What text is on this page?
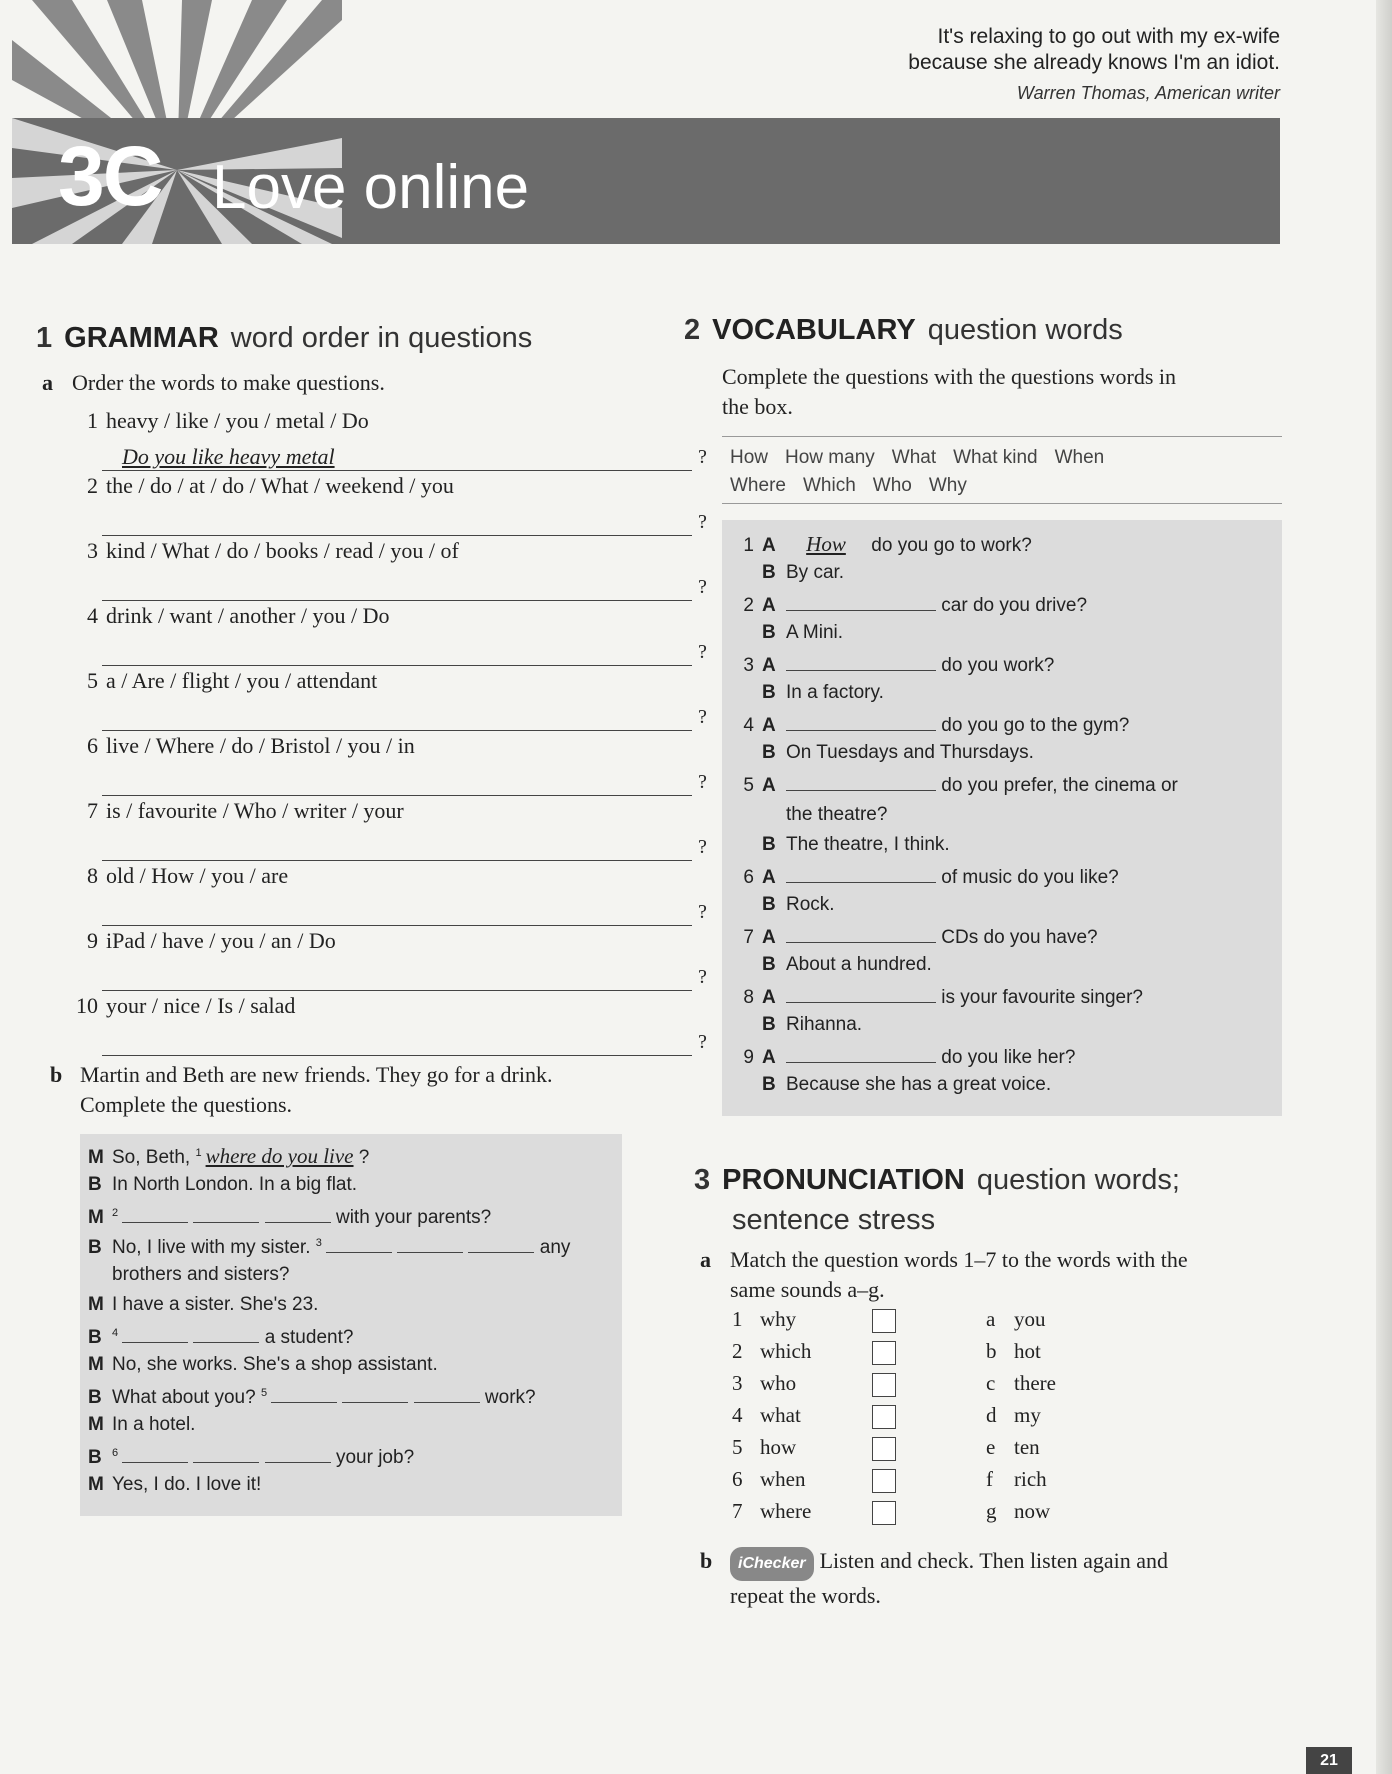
It's relaxing to go out with my ex-wife
because she already knows I'm an idiot.
Warren Thomas, American writer
3C Love online
1 GRAMMAR word order in questions
a Order the words to make questions.
1 heavy / like / you / metal / Do
Do you like heavy metal	?
2 the / do / at / do / What / weekend / you
?
3 kind / What / do / books / read / you / of
?
4 drink / want / another / you / Do
?
5 a / Are / flight / you / attendant
?
6 live / Where / do / Bristol / you / in
?
7 is / favourite / Who / writer / your
?
8 old / How / you / are
?
9 iPad / have / you / an / Do
?
10 your / nice / Is / salad
?
b Martin and Beth are new friends. They go for a drink.
Complete the questions.
M So, Beth, $^1$ where do you live ?
B In North London. In a big flat.
M $^2$	with your parents?
B No, I live with my sister. $^3$	any
brothers and sisters?
M I have a sister. She's 23.
B $^4$	a student?
M No, she works. She's a shop assistant.
B What about you? $^5$	work?
M In a hotel.
B $^6$	your job?
M Yes, I do. I love it!
2 VOCABULARY question words
Complete the questions with the questions words in
the box.
How How many What What kind When
Where Which Who Why
1 A How do you go to work?
B By car.
2 A	car do you drive?
B A Mini.
3 A	do you work?
B In a factory.
4 A	do you go to the gym?
B On Tuesdays and Thursdays.
5 A	do you prefer, the cinema or
the theatre?
B The theatre, I think.
6 A	of music do you like?
B Rock.
7 A	CDs do you have?
B About a hundred.
8 A	is your favourite singer?
B Rihanna.
9 A	do you like her?
B Because she has a great voice.
3 PRONUNCIATION question words;
sentence stress
a Match the question words 1–7 to the words with the
same sounds a–g.
1 why	a you
2 which	b hot
3 who	c there
4 what	d my
5 how	e ten
6 when	f rich
7 where	g now
b iChecker Listen and check. Then listen again and
repeat the words.
21
